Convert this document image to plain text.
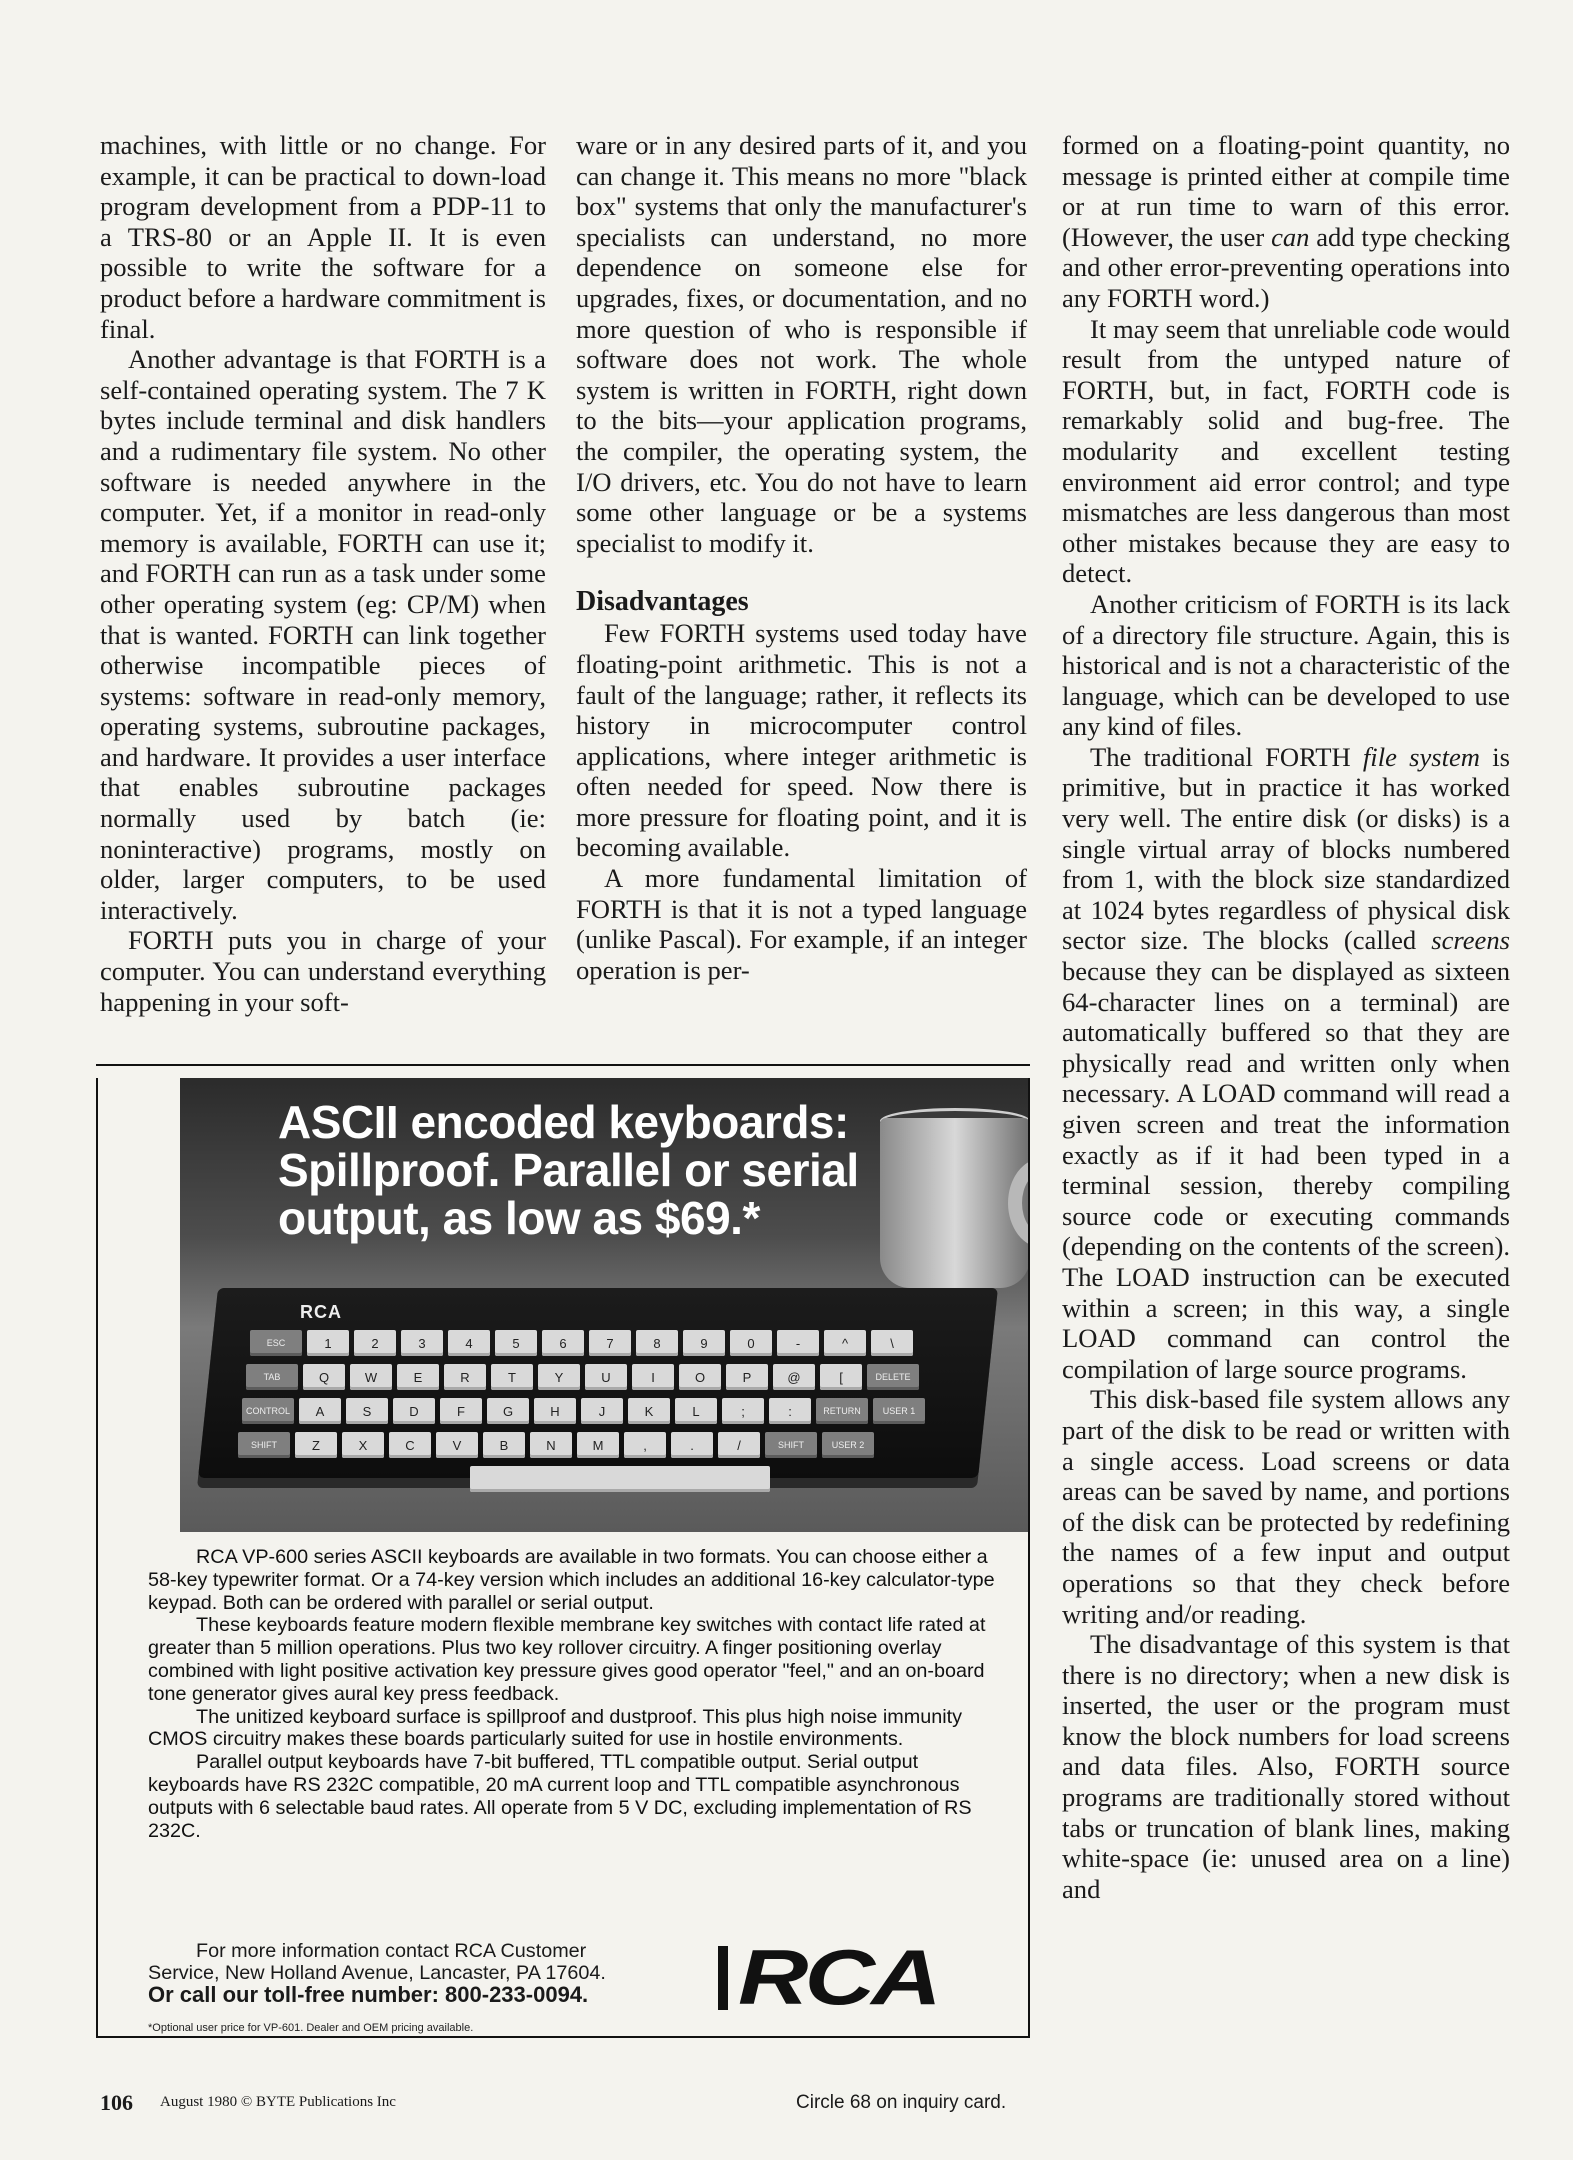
machines, with little or no change. For example, it can be practical to down-load program development from a PDP-11 to a TRS-80 or an Apple II. It is even possible to write the software for a product before a hardware commitment is final.

Another advantage is that FORTH is a self-contained operating system. The 7 K bytes include terminal and disk handlers and a rudimentary file system. No other software is needed anywhere in the computer. Yet, if a monitor in read-only memory is available, FORTH can use it; and FORTH can run as a task under some other operating system (eg: CP/M) when that is wanted. FORTH can link together otherwise incompatible pieces of systems: software in read-only memory, operating systems, subroutine packages, and hardware. It provides a user interface that enables subroutine packages normally used by batch (ie: noninteractive) programs, mostly on older, larger computers, to be used interactively.

FORTH puts you in charge of your computer. You can understand everything happening in your soft-

ware or in any desired parts of it, and you can change it. This means no more "black box" systems that only the manufacturer's specialists can understand, no more dependence on someone else for upgrades, fixes, or documentation, and no more question of who is responsible if software does not work. The whole system is written in FORTH, right down to the bits—your application programs, the compiler, the operating system, the I/O drivers, etc. You do not have to learn some other language or be a systems specialist to modify it.

Disadvantages

Few FORTH systems used today have floating-point arithmetic. This is not a fault of the language; rather, it reflects its history in microcomputer control applications, where integer arithmetic is often needed for speed. Now there is more pressure for floating point, and it is becoming available.

A more fundamental limitation of FORTH is that it is not a typed language (unlike Pascal). For example, if an integer operation is per-

formed on a floating-point quantity, no message is printed either at compile time or at run time to warn of this error. (However, the user can add type checking and other error-preventing operations into any FORTH word.)

It may seem that unreliable code would result from the untyped nature of FORTH, but, in fact, FORTH code is remarkably solid and bug-free. The modularity and excellent testing environment aid error control; and type mismatches are less dangerous than most other mistakes because they are easy to detect.

Another criticism of FORTH is its lack of a directory file structure. Again, this is historical and is not a characteristic of the language, which can be developed to use any kind of files.

The traditional FORTH file system is primitive, but in practice it has worked very well. The entire disk (or disks) is a single virtual array of blocks numbered from 1, with the block size standardized at 1024 bytes regardless of physical disk sector size. The blocks (called screens because they can be displayed as sixteen 64-character lines on a terminal) are automatically buffered so that they are physically read and written only when necessary. A LOAD command will read a given screen and treat the information exactly as if it had been typed in a terminal session, thereby compiling source code or executing commands (depending on the contents of the screen). The LOAD instruction can be executed within a screen; in this way, a single LOAD command can control the compilation of large source programs.

This disk-based file system allows any part of the disk to be read or written with a single access. Load screens or data areas can be saved by name, and portions of the disk can be protected by redefining the names of a few input and output operations so that they check before writing and/or reading.

The disadvantage of this system is that there is no directory; when a new disk is inserted, the user or the program must know the block numbers for load screens and data files. Also, FORTH source programs are traditionally stored without tabs or truncation of blank lines, making white-space (ie: unused area on a line) and

RCA
ESC	1	2	3	4	5	6	7	8	9	0	-	^	\
TAB	Q	W	E	R	T	Y	U	I	O	P	@	[	DELETE
CONTROL	A	S	D	F	G	H	J	K	L	;	:	RETURN	USER 1
SHIFT	Z	X	C	V	B	N	M	,	.	/	SHIFT	USER 2
ASCII encoded keyboards:
Spillproof. Parallel or serial
output, as low as $69.*

RCA VP-600 series ASCII keyboards are available in two formats. You can choose either a 58-key typewriter format. Or a 74-key version which includes an additional 16-key calculator-type keypad. Both can be ordered with parallel or serial output.

These keyboards feature modern flexible membrane key switches with contact life rated at greater than 5 million operations. Plus two key rollover circuitry. A finger positioning overlay combined with light positive activation key pressure gives good operator "feel," and an on-board tone generator gives aural key press feedback.

The unitized keyboard surface is spillproof and dustproof. This plus high noise immunity CMOS circuitry makes these boards particularly suited for use in hostile environments.

Parallel output keyboards have 7-bit buffered, TTL compatible output. Serial output keyboards have RS 232C compatible, 20 mA current loop and TTL compatible asynchronous outputs with 6 selectable baud rates. All operate from 5 V DC, excluding implementation of RS 232C.

For more information contact RCA Customer
Service, New Holland Avenue, Lancaster, PA 17604.
Or call our toll-free number: 800-233-0094.
*Optional user price for VP-601. Dealer and OEM pricing available.
RCA
106 August 1980 © BYTE Publications Inc	Circle 68 on inquiry card.
